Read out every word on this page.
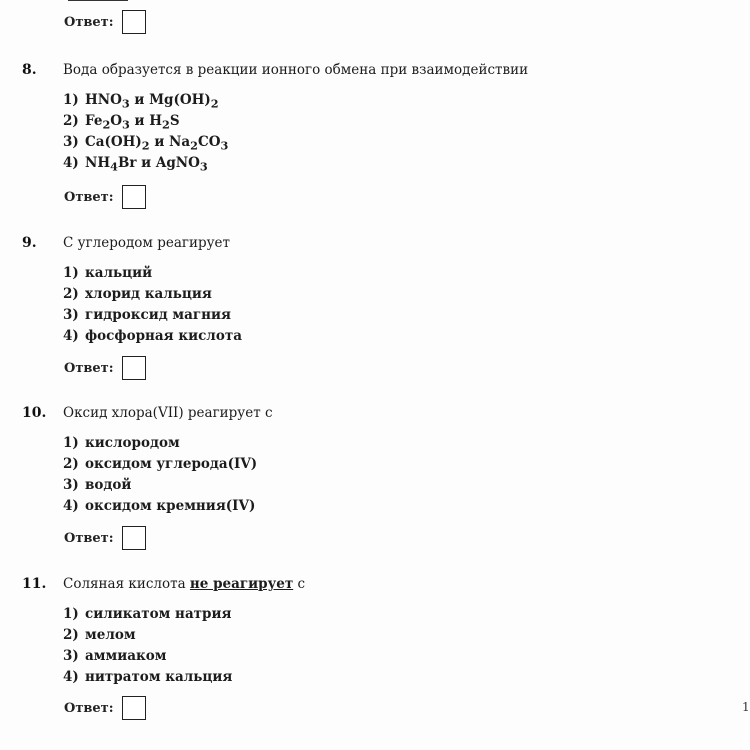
Ответ:
8. Вода образуется в реакции ионного обмена при взаимодействии
1) $HNO_3$ и $Mg(OH)_2$
2) $Fe_2O_3$ и $H_2S$
3) $Ca(OH)_2$ и $Na_2CO_3$
4) $NH_4Br$ и AgNO$_3$
Ответ:
9. С углеродом реагирует
1) кальций
2) хлорид кальция
3) гидроксид магния
4) фосфорная кислота
Ответ:
10. Оксид хлора(VII) реагирует с
1) кислородом
2) оксидом углерода(IV)
3) водой
4) оксидом кремния(IV)
Ответ:
11. Соляная кислота не реагирует с
1) силикатом натрия
2) мелом
3) аммиаком
4) нитратом кальция
Ответ:	1
